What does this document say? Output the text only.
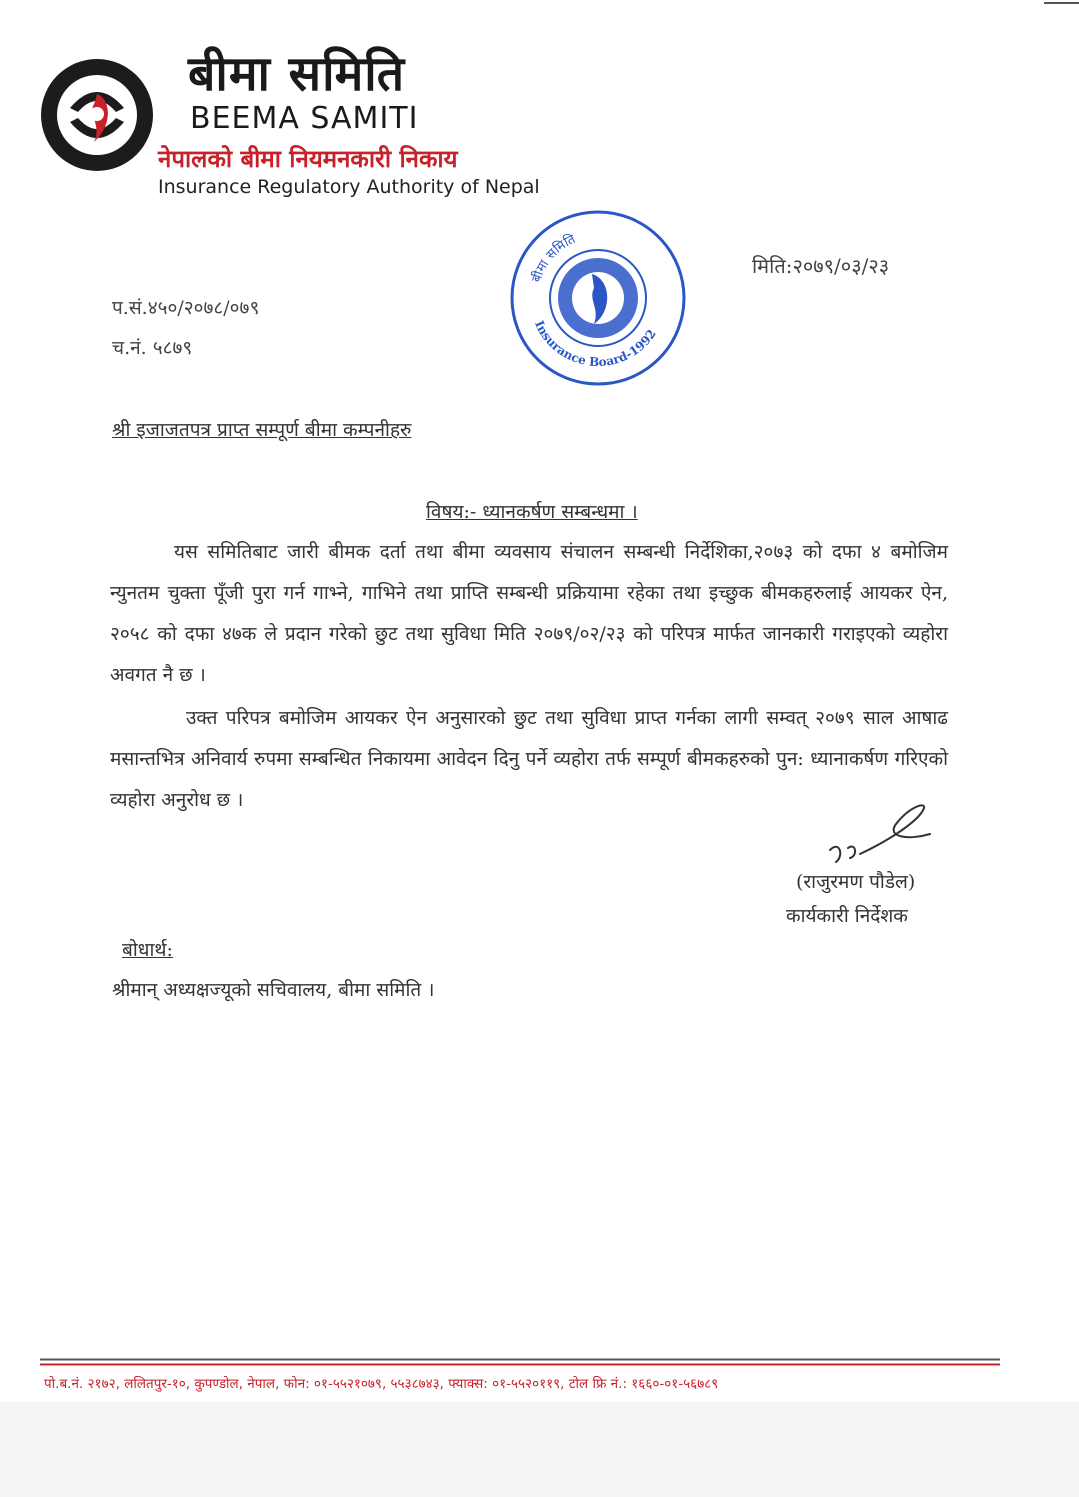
बीमा समिति
BEEMA SAMITI
नेपालको बीमा नियमनकारी निकाय
Insurance Regulatory Authority of Nepal
बीमा समिति
Insurance Board-1992
मिति:२०७९/०३/२३
प.सं.४५०/२०७८/०७९
च.नं. ५८७९
श्री इजाजतपत्र प्राप्त सम्पूर्ण बीमा कम्पनीहरु
विषय:- ध्यानकर्षण सम्बन्धमा ।
यस समितिबाट जारी बीमक दर्ता तथा बीमा व्यवसाय संचालन सम्बन्धी निर्देशिका,२०७३ को दफा ४ बमोजिम न्युनतम चुक्ता पूँजी पुरा गर्न गाभ्ने, गाभिने तथा प्राप्ति सम्बन्धी प्रक्रियामा रहेका तथा इच्छुक बीमकहरुलाई आयकर ऐन, २०५८ को दफा ४७क ले प्रदान गरेको छुट तथा सुविधा मिति २०७९/०२/२३ को परिपत्र मार्फत जानकारी गराइएको व्यहोरा अवगत नै छ ।
उक्त परिपत्र बमोजिम आयकर ऐन अनुसारको छुट तथा सुविधा प्राप्त गर्नका लागी सम्वत् २०७९ साल आषाढ मसान्तभित्र अनिवार्य रुपमा सम्बन्धित निकायमा आवेदन दिनु पर्ने व्यहोरा तर्फ सम्पूर्ण बीमकहरुको पुन: ध्यानाकर्षण गरिएको व्यहोरा अनुरोध छ ।
(राजुरमण पौडेल)
कार्यकारी निर्देशक
बोधार्थ:
श्रीमान् अध्यक्षज्यूको सचिवालय, बीमा समिति ।
पो.ब.नं. २१७२, ललितपुर-१०, कुपण्डोल, नेपाल, फोन: ०१-५५२१०७९, ५५३८७४३, फ्याक्स: ०१-५५२०११९, टोल फ्रि नं.: १६६०-०१-५६७८९
